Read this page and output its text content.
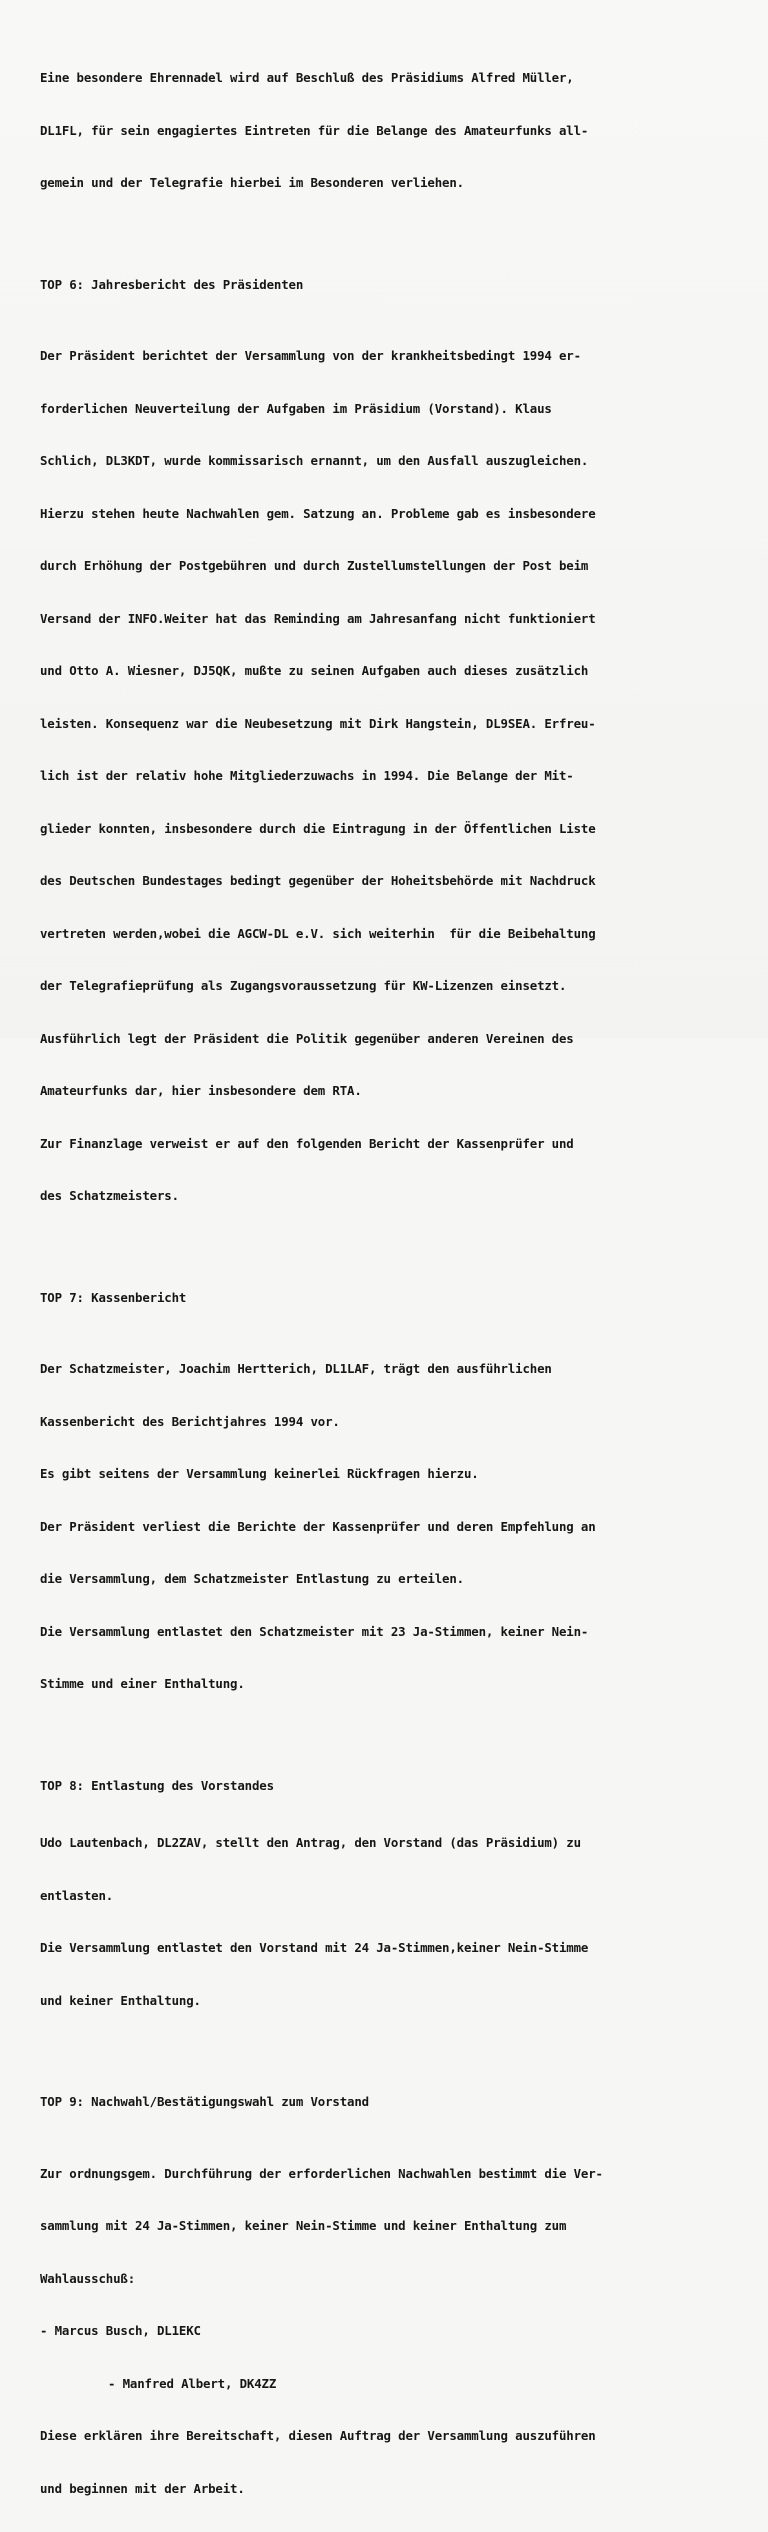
Eine besondere Ehrennadel wird auf Beschluß des Präsidiums Alfred Müller,

DL1FL, für sein engagiertes Eintreten für die Belange des Amateurfunks all-

gemein und der Telegrafie hierbei im Besonderen verliehen.

TOP 6: Jahresbericht des Präsidenten

Der Präsident berichtet der Versammlung von der krankheitsbedingt 1994 er-

forderlichen Neuverteilung der Aufgaben im Präsidium (Vorstand). Klaus

Schlich, DL3KDT, wurde kommissarisch ernannt, um den Ausfall auszugleichen.

Hierzu stehen heute Nachwahlen gem. Satzung an. Probleme gab es insbesondere

durch Erhöhung der Postgebühren und durch Zustellumstellungen der Post beim

Versand der INFO.Weiter hat das Reminding am Jahresanfang nicht funktioniert

und Otto A. Wiesner, DJ5QK, mußte zu seinen Aufgaben auch dieses zusätzlich

leisten. Konsequenz war die Neubesetzung mit Dirk Hangstein, DL9SEA. Erfreu-

lich ist der relativ hohe Mitgliederzuwachs in 1994. Die Belange der Mit-

glieder konnten, insbesondere durch die Eintragung in der Öffentlichen Liste

des Deutschen Bundestages bedingt gegenüber der Hoheitsbehörde mit Nachdruck

vertreten werden,wobei die AGCW-DL e.V. sich weiterhin  für die Beibehaltung

der Telegrafieprüfung als Zugangsvoraussetzung für KW-Lizenzen einsetzt.

Ausführlich legt der Präsident die Politik gegenüber anderen Vereinen des

Amateurfunks dar, hier insbesondere dem RTA.

Zur Finanzlage verweist er auf den folgenden Bericht der Kassenprüfer und

des Schatzmeisters.

TOP 7: Kassenbericht

Der Schatzmeister, Joachim Hertterich, DL1LAF, trägt den ausführlichen

Kassenbericht des Berichtjahres 1994 vor.

Es gibt seitens der Versammlung keinerlei Rückfragen hierzu.

Der Präsident verliest die Berichte der Kassenprüfer und deren Empfehlung an

die Versammlung, dem Schatzmeister Entlastung zu erteilen.

Die Versammlung entlastet den Schatzmeister mit 23 Ja-Stimmen, keiner Nein-

Stimme und einer Enthaltung.

TOP 8: Entlastung des Vorstandes

Udo Lautenbach, DL2ZAV, stellt den Antrag, den Vorstand (das Präsidium) zu

entlasten.

Die Versammlung entlastet den Vorstand mit 24 Ja-Stimmen,keiner Nein-Stimme

und keiner Enthaltung.

TOP 9: Nachwahl/Bestätigungswahl zum Vorstand

Zur ordnungsgem. Durchführung der erforderlichen Nachwahlen bestimmt die Ver-

sammlung mit 24 Ja-Stimmen, keiner Nein-Stimme und keiner Enthaltung zum

Wahlausschuß:

- Marcus Busch, DL1EKC

- Manfred Albert, DK4ZZ

Diese erklären ihre Bereitschaft, diesen Auftrag der Versammlung auszuführen

und beginnen mit der Arbeit.
